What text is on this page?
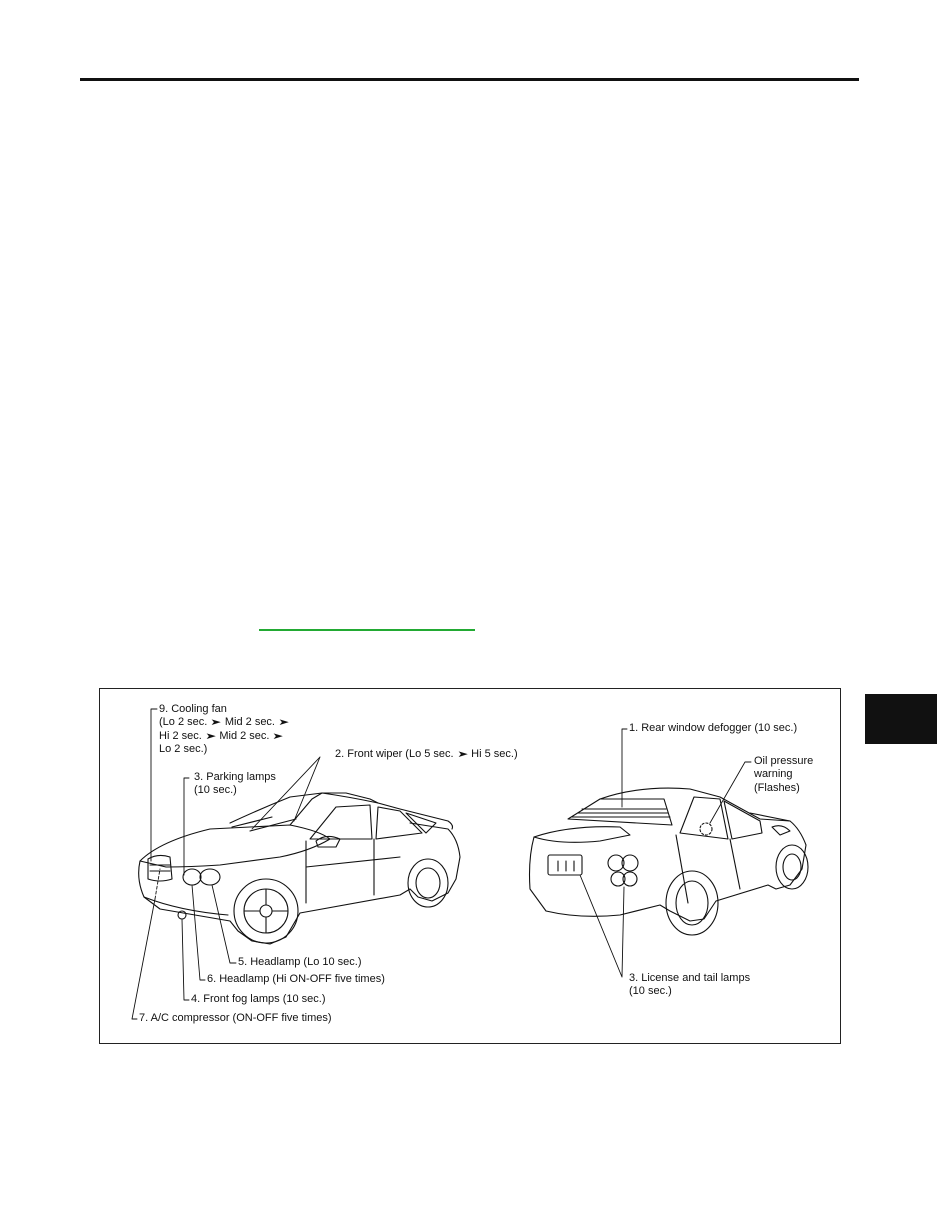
9. Cooling fan
(Lo 2 sec. ➤ Mid 2 sec. ➤
Hi 2 sec. ➤ Mid 2 sec. ➤
Lo 2 sec.)	2. Front wiper (Lo 5 sec. ➤ Hi 5 sec.)
3. Parking lamps
(10 sec.)
5. Headlamp (Lo 10 sec.)
6. Headlamp (Hi ON-OFF five times)
4. Front fog lamps (10 sec.)
7. A/C compressor (ON-OFF five times)
1. Rear window defogger (10 sec.)
Oil pressure
warning
(Flashes)
3. License and tail lamps
(10 sec.)
